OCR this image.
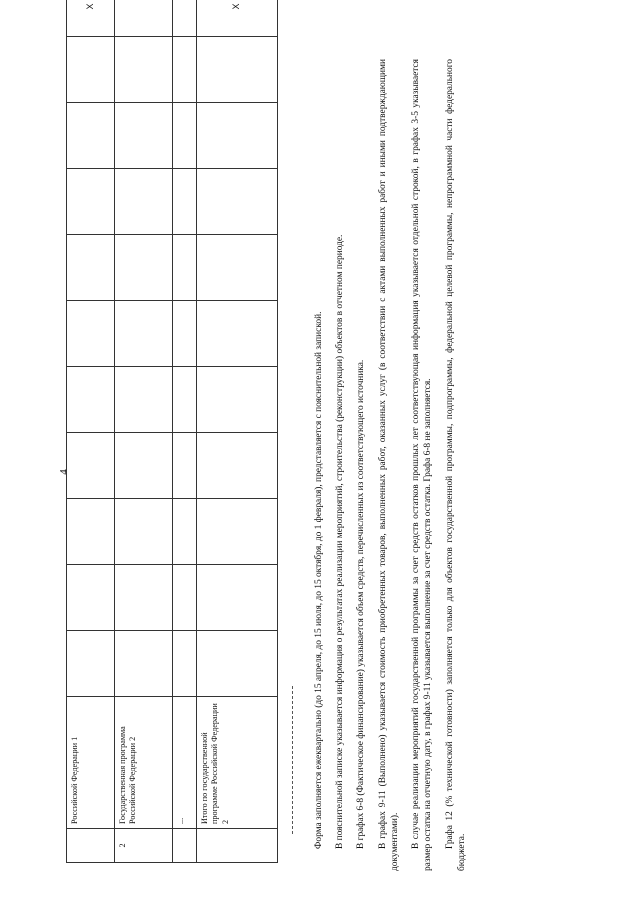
4
	Российской Федерации 1											X
2	Государственная программа Российской Федерации 2											
	...											
	Итого по государственной программе Российской Федерации 2											X

Форма заполняется ежеквартально (до 15 апреля, до 15 июля, до 15 октября, до 1 февраля), представляется с пояснительной запиской. В пояснительной записке указывается информация о результатах реализации мероприятий, строительства (реконструкции) объектов в отчетном периоде. В графах 6-8 (Фактическое финансирование) указывается объем средств, перечисленных из соответствующего источника. В графах 9-11 (Выполнено) указывается стоимость приобретенных товаров, выполненных работ, оказанных услуг (в соответствии с актами выполненных работ и иными подтверждающими документами). В случае реализации мероприятий государственной программы за счет средств остатков прошлых лет соответствующая информация указывается отдельной строкой, в графах 3-5 указывается размер остатка на отчетную дату, в графах 9-11 указывается выполнение за счет средств остатка. Графа 6-8 не заполняется. Графа 12 (% технической готовности) заполняется только для объектов государственной программы, подпрограммы, федеральной целевой программы, непрограммной части федерального бюджета.
